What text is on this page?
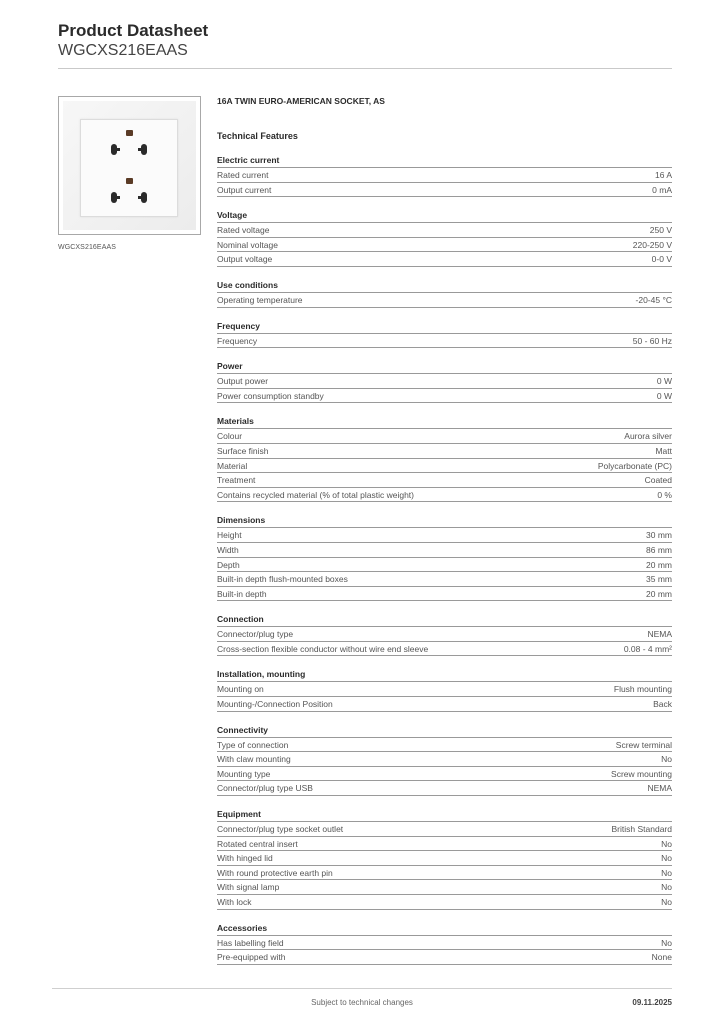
Product Datasheet
WGCXS216EAAS
WGCXS216EAAS
16A TWIN EURO-AMERICAN SOCKET, AS
Technical Features
Electric current
Rated current	16 A
Output current	0 mA
Voltage
Rated voltage	250 V
Nominal voltage	220-250 V
Output voltage	0-0 V
Use conditions
Operating temperature	-20-45 °C
Frequency
Frequency	50 - 60 Hz
Power
Output power	0 W
Power consumption standby	0 W
Materials
Colour	Aurora silver
Surface finish	Matt
Material	Polycarbonate (PC)
Treatment	Coated
Contains recycled material (% of total plastic weight)	0 %
Dimensions
Height	30 mm
Width	86 mm
Depth	20 mm
Built-in depth flush-mounted boxes	35 mm
Built-in depth	20 mm
Connection
Connector/plug type	NEMA
Cross-section flexible conductor without wire end sleeve	0.08 - 4 mm²
Installation, mounting
Mounting on	Flush mounting
Mounting-/Connection Position	Back
Connectivity
Type of connection	Screw terminal
With claw mounting	No
Mounting type	Screw mounting
Connector/plug type USB	NEMA
Equipment
Connector/plug type socket outlet	British Standard
Rotated central insert	No
With hinged lid	No
With round protective earth pin	No
With signal lamp	No
With lock	No
Accessories
Has labelling field	No
Pre-equipped with	None
Subject to technical changes	09.11.2025
